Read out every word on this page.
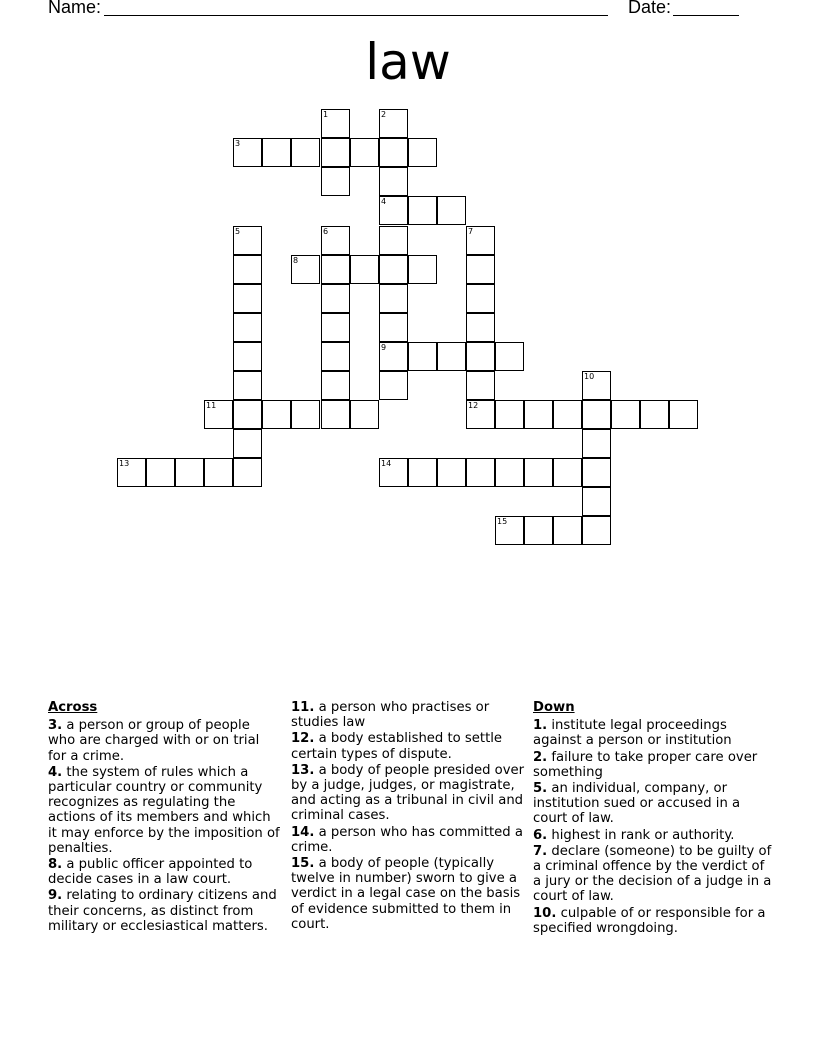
Name:	Date:
law
1	2
3
4
5	6	7
8
9
10
11	12
13	14
15
Across
3. a person or group of people who are charged with or on trial for a crime.
4. the system of rules which a particular country or community recognizes as regulating the actions of its members and which it may enforce by the imposition of penalties.
8. a public officer appointed to decide cases in a law court.
9. relating to ordinary citizens and their concerns, as distinct from military or ecclesiastical matters.
11. a person who practises or studies law
12. a body established to settle certain types of dispute.
13. a body of people presided over by a judge, judges, or magistrate, and acting as a tribunal in civil and criminal cases.
14. a person who has committed a crime.
15. a body of people (typically twelve in number) sworn to give a verdict in a legal case on the basis of evidence submitted to them in court.
Down
1. institute legal proceedings against a person or institution
2. failure to take proper care over something
5. an individual, company, or institution sued or accused in a court of law.
6. highest in rank or authority.
7. declare (someone) to be guilty of a criminal offence by the verdict of a jury or the decision of a judge in a court of law.
10. culpable of or responsible for a specified wrongdoing.
